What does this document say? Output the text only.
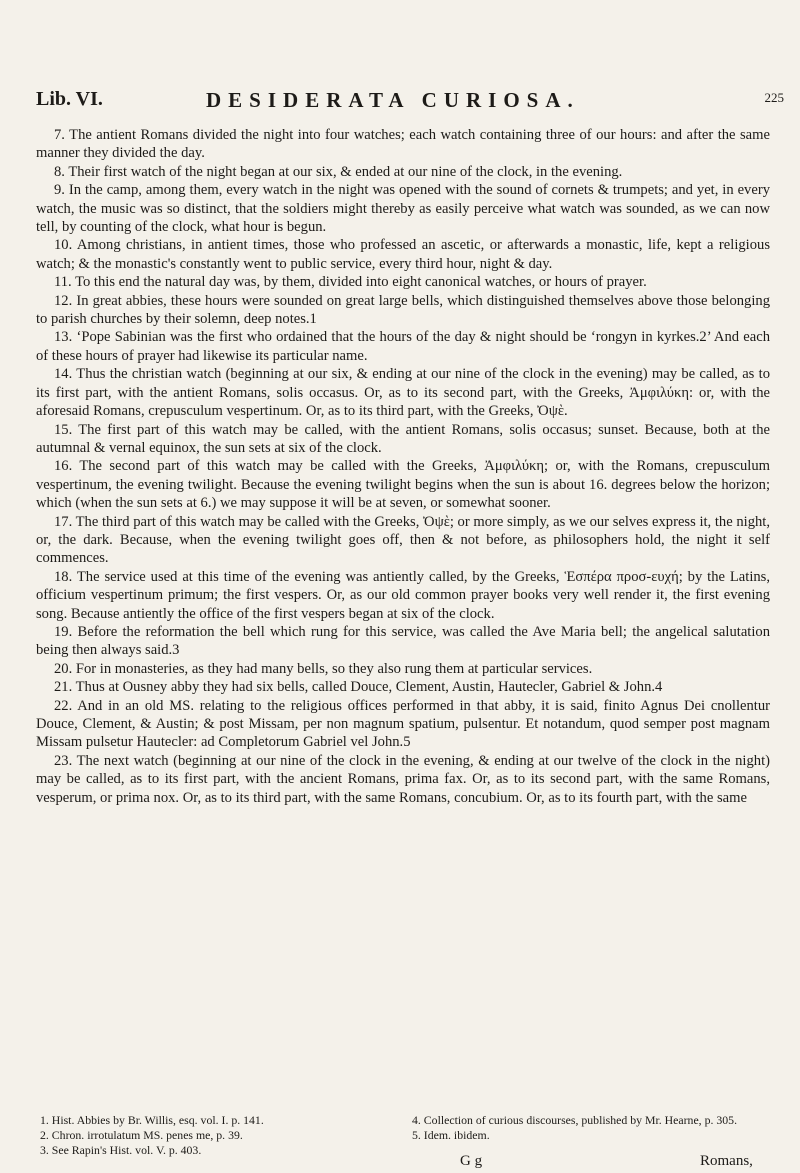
Lib. VI.	DESIDERATA CURIOSA.	225

7. The antient Romans divided the night into four watches; each watch containing three of our hours: and after the same manner they divided the day.

8. Their first watch of the night began at our six, & ended at our nine of the clock, in the evening.

9. In the camp, among them, every watch in the night was opened with the sound of cornets & trumpets; and yet, in every watch, the music was so distinct, that the soldiers might thereby as easily perceive what watch was sounded, as we can now tell, by counting of the clock, what hour is begun.

10. Among christians, in antient times, those who professed an ascetic, or afterwards a monastic, life, kept a religious watch; & the monastic's constantly went to public service, every third hour, night & day.

11. To this end the natural day was, by them, divided into eight canonical watches, or hours of prayer.

12. In great abbies, these hours were sounded on great large bells, which distinguished themselves above those belonging to parish churches by their solemn, deep notes.1

13. ‘Pope Sabinian was the first who ordained that the hours of the day & night should be ‘rongyn in kyrkes.2’ And each of these hours of prayer had likewise its particular name.

14. Thus the christian watch (beginning at our six, & ending at our nine of the clock in the evening) may be called, as to its first part, with the antient Romans, solis occasus. Or, as to its second part, with the Greeks, Ἀμφιλύκη: or, with the aforesaid Romans, crepusculum vespertinum. Or, as to its third part, with the Greeks, Ὀψὲ.

15. The first part of this watch may be called, with the antient Romans, solis occasus; sunset. Because, both at the autumnal & vernal equinox, the sun sets at six of the clock.

16. The second part of this watch may be called with the Greeks, Ἀμφιλύκη; or, with the Romans, crepusculum vespertinum, the evening twilight. Because the evening twilight begins when the sun is about 16. degrees below the horizon; which (when the sun sets at 6.) we may suppose it will be at seven, or somewhat sooner.

17. The third part of this watch may be called with the Greeks, Ὀψὲ; or more simply, as we our selves express it, the night, or, the dark. Because, when the evening twilight goes off, then & not before, as philosophers hold, the night it self commences.

18. The service used at this time of the evening was antiently called, by the Greeks, Ἑσπέρα προσ-ευχή; by the Latins, officium vespertinum primum; the first vespers. Or, as our old common prayer books very well render it, the first evening song. Because antiently the office of the first vespers began at six of the clock.

19. Before the reformation the bell which rung for this service, was called the Ave Maria bell; the angelical salutation being then always said.3

20. For in monasteries, as they had many bells, so they also rung them at particular services.

21. Thus at Ousney abby they had six bells, called Douce, Clement, Austin, Hautecler, Gabriel & John.4

22. And in an old MS. relating to the religious offices performed in that abby, it is said, finito Agnus Dei cnollentur Douce, Clement, & Austin; & post Missam, per non magnum spatium, pulsentur. Et notandum, quod semper post magnam Missam pulsetur Hautecler: ad Completorum Gabriel vel John.5

23. The next watch (beginning at our nine of the clock in the evening, & ending at our twelve of the clock in the night) may be called, as to its first part, with the ancient Romans, prima fax. Or, as to its second part, with the same Romans, vesperum, or prima nox. Or, as to its third part, with the same Romans, concubium. Or, as to its fourth part, with the same

1. Hist. Abbies by Br. Willis, esq. vol. I. p. 141.
2. Chron. irrotulatum MS. penes me, p. 39.
3. See Rapin's Hist. vol. V. p. 403.
4. Collection of curious discourses, published by Mr. Hearne, p. 305.
5. Idem. ibidem.
G g	Romans,
